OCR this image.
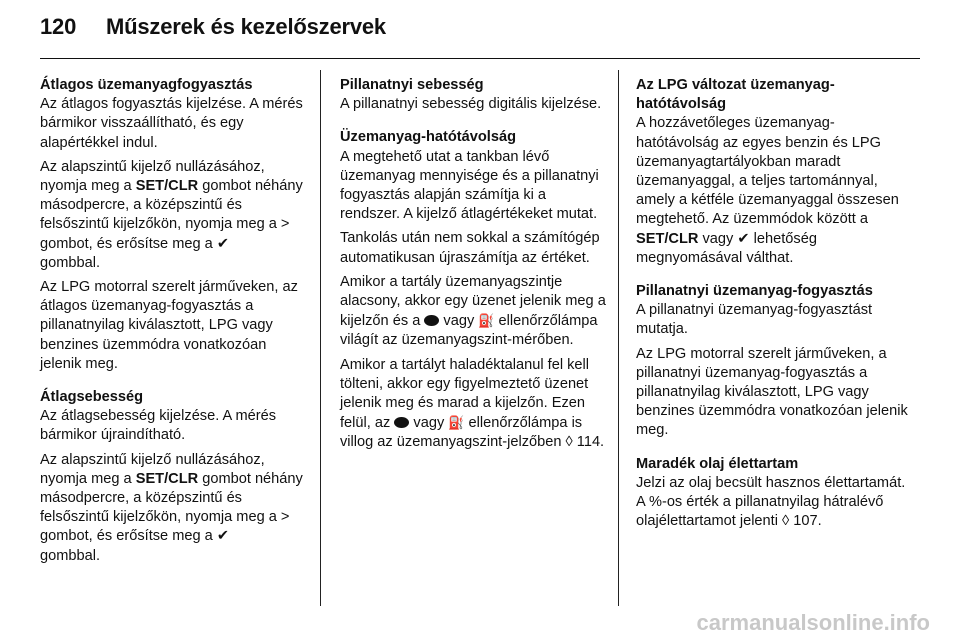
120 Műszerek és kezelőszervek
Átlagos üzemanyagfogyasztás

Az átlagos fogyasztás kijelzése. A mérés bármikor visszaállítható, és egy alapértékkel indul.

Az alapszintű kijelző nullázásához, nyomja meg a SET/CLR gombot néhány másodpercre, a középszintű és felsőszintű kijelzőkön, nyomja meg a > gombot, és erősítse meg a ✔
gombbal.

Az LPG motorral szerelt járműveken, az átlagos üzemanyag-fogyasztás a pillanatnyilag kiválasztott, LPG vagy benzines üzemmódra vonatkozóan jelenik meg.

Átlagsebesség

Az átlagsebesség kijelzése. A mérés bármikor újraindítható.

Az alapszintű kijelző nullázásához, nyomja meg a SET/CLR gombot néhány másodpercre, a középszintű és felsőszintű kijelzőkön, nyomja meg a > gombot, és erősítse meg a ✔
gombbal.

Pillanatnyi sebesség

A pillanatnyi sebesség digitális kijelzése.

Üzemanyag-hatótávolság

A megtehető utat a tankban lévő üzemanyag mennyisége és a pillanatnyi fogyasztás alapján számítja ki a rendszer. A kijelző átlagértékeket mutat.

Tankolás után nem sokkal a számítógép automatikusan újraszámítja az értéket.

Amikor a tartály üzemanyagszintje alacsony, akkor egy üzenet jelenik meg a kijelzőn és a  vagy ⛽ ellenőrzőlámpa világít az üzemanyagszint-mérőben.

Amikor a tartályt haladéktalanul fel kell tölteni, akkor egy figyelmeztető üzenet jelenik meg és marad a kijelzőn. Ezen felül, az  vagy ⛽ ellenőrzőlámpa is villog az üzemanyagszint-jelzőben ◊ 114.

Az LPG változat üzemanyag-hatótávolság

A hozzávetőleges üzemanyag-hatótávolság az egyes benzin és LPG üzemanyagtartályokban maradt üzemanyaggal, a teljes tartománnyal, amely a kétféle üzemanyaggal összesen megtehető. Az üzemmódok között a SET/CLR vagy ✔ lehetőség megnyomásával válthat.

Pillanatnyi üzemanyag-fogyasztás

A pillanatnyi üzemanyag-fogyasztást mutatja.

Az LPG motorral szerelt járműveken, a pillanatnyi üzemanyag-fogyasztás a pillanatnyilag kiválasztott, LPG vagy benzines üzemmódra vonatkozóan jelenik meg.

Maradék olaj élettartam

Jelzi az olaj becsült hasznos élettartamát. A %-os érték a pillanatnyilag hátralévő olajélettartamot jelenti ◊ 107.

carmanualsonline.info
